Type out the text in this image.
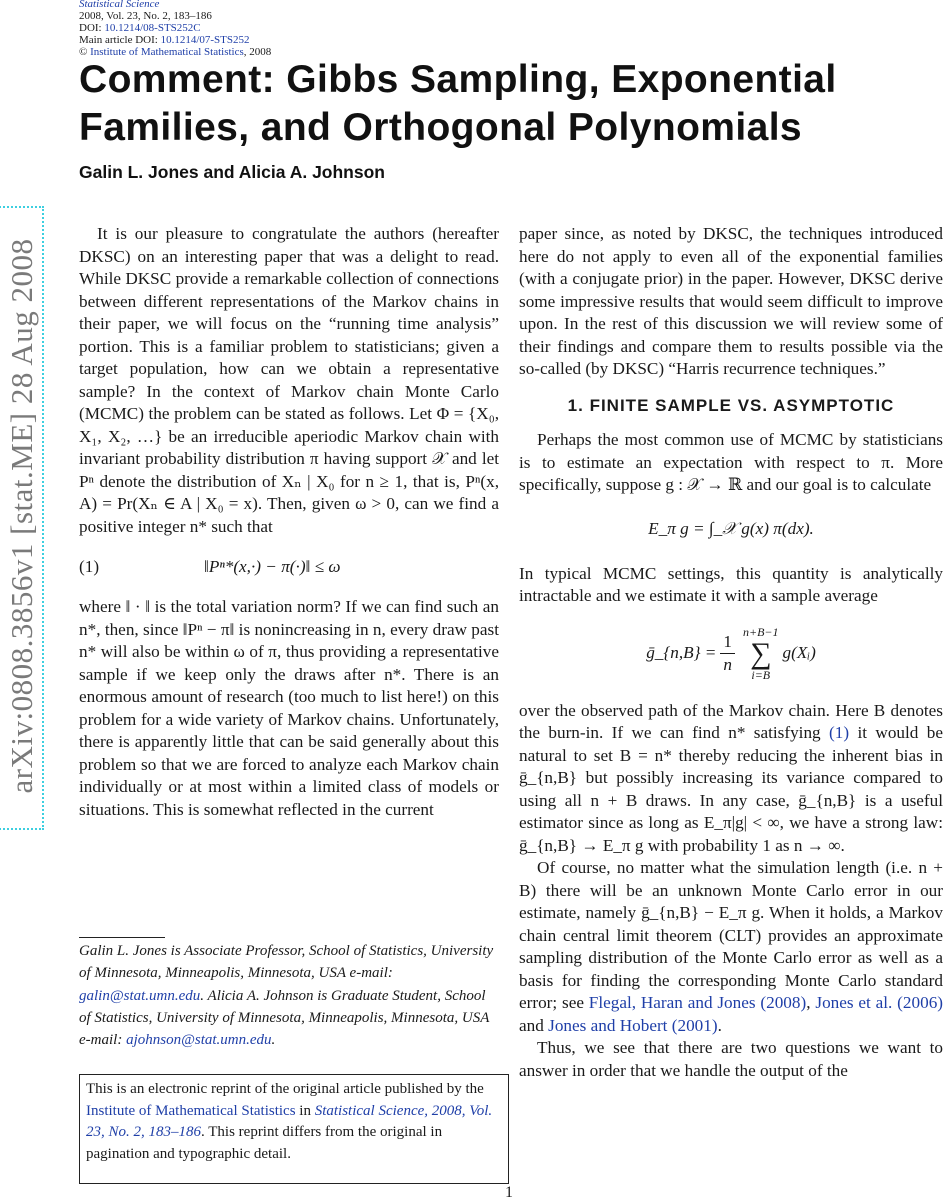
Statistical Science
2008, Vol. 23, No. 2, 183–186
DOI: 10.1214/08-STS252C
Main article DOI: 10.1214/07-STS252
© Institute of Mathematical Statistics, 2008
Comment: Gibbs Sampling, Exponential
Families, and Orthogonal Polynomials
Galin L. Jones and Alicia A. Johnson
arXiv:0808.3856v1 [stat.ME] 28 Aug 2008

It is our pleasure to congratulate the authors (hereafter DKSC) on an interesting paper that was a delight to read. While DKSC provide a remarkable collection of connections between different representations of the Markov chains in their paper, we will focus on the “running time analysis” portion. This is a familiar problem to statisticians; given a target population, how can we obtain a representative sample? In the context of Markov chain Monte Carlo (MCMC) the problem can be stated as follows. Let Φ = {X₀, X₁, X₂, …} be an irreducible aperiodic Markov chain with invariant probability distribution π having support 𝒳 and let Pⁿ denote the distribution of Xₙ | X₀ for n ≥ 1, that is, Pⁿ(x, A) = Pr(Xₙ ∈ A | X₀ = x). Then, given ω > 0, can we find a positive integer n* such that

(1)	‖Pⁿ*(x,·) − π(·)‖ ≤ ω

where ‖ · ‖ is the total variation norm? If we can find such an n*, then, since ‖Pⁿ − π‖ is nonincreasing in n, every draw past n* will also be within ω of π, thus providing a representative sample if we keep only the draws after n*. There is an enormous amount of research (too much to list here!) on this problem for a wide variety of Markov chains. Unfortunately, there is apparently little that can be said generally about this problem so that we are forced to analyze each Markov chain individually or at most within a limited class of models or situations. This is somewhat reflected in the current

Galin L. Jones is Associate Professor, School of Statistics, University of Minnesota, Minneapolis, Minnesota, USA e-mail: galin@stat.umn.edu. Alicia A. Johnson is Graduate Student, School of Statistics, University of Minnesota, Minneapolis, Minnesota, USA e-mail: ajohnson@stat.umn.edu.
This is an electronic reprint of the original article published by the Institute of Mathematical Statistics in Statistical Science, 2008, Vol. 23, No. 2, 183–186. This reprint differs from the original in pagination and typographic detail.

paper since, as noted by DKSC, the techniques introduced here do not apply to even all of the exponential families (with a conjugate prior) in the paper. However, DKSC derive some impressive results that would seem difficult to improve upon. In the rest of this discussion we will review some of their findings and compare them to results possible via the so-called (by DKSC) “Harris recurrence techniques.”

1. FINITE SAMPLE VS. ASYMPTOTIC

Perhaps the most common use of MCMC by statisticians is to estimate an expectation with respect to π. More specifically, suppose g : 𝒳 → ℝ and our goal is to calculate

E_π g = ∫_𝒳 g(x) π(dx).

In typical MCMC settings, this quantity is analytically intractable and we estimate it with a sample average

ḡ_{n,B} = $\frac{1}{n} n+B-1$
∑
i=B
g(Xᵢ)

over the observed path of the Markov chain. Here B denotes the burn-in. If we can find n* satisfying (1) it would be natural to set B = n* thereby reducing the inherent bias in ḡ_{n,B} but possibly increasing its variance compared to using all n + B draws. In any case, ḡ_{n,B} is a useful estimator since as long as E_π|g| < ∞, we have a strong law: ḡ_{n,B} → E_π g with probability 1 as n → ∞.

Of course, no matter what the simulation length (i.e. n + B) there will be an unknown Monte Carlo error in our estimate, namely ḡ_{n,B} − E_π g. When it holds, a Markov chain central limit theorem (CLT) provides an approximate sampling distribution of the Monte Carlo error as well as a basis for finding the corresponding Monte Carlo standard error; see Flegal, Haran and Jones (2008), Jones et al. (2006) and Jones and Hobert (2001).

Thus, we see that there are two questions we want to answer in order that we handle the output of the

1
